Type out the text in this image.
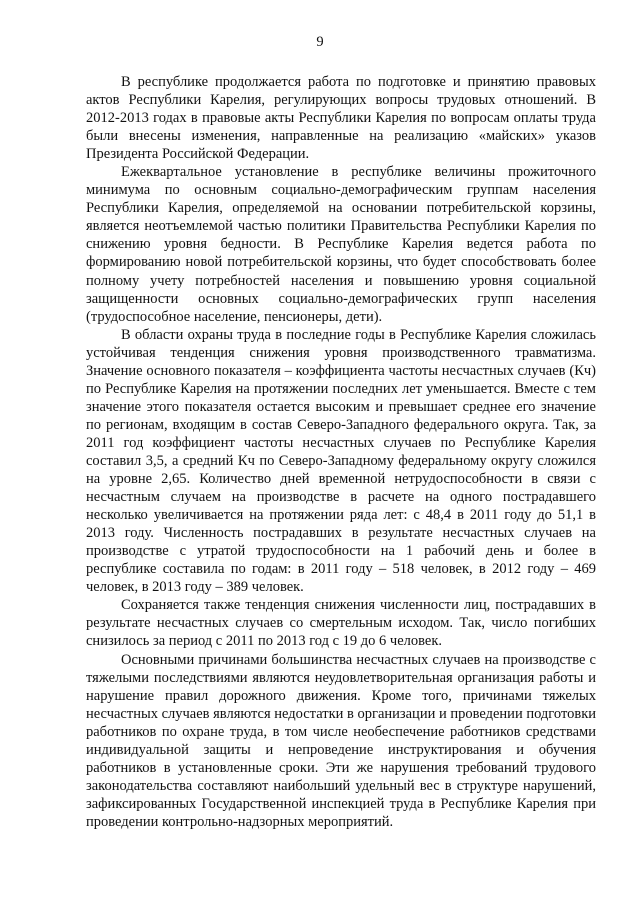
9

В республике продолжается работа по подготовке и принятию правовых актов Республики Карелия, регулирующих вопросы трудовых отношений. В 2012-2013 годах в правовые акты Республики Карелия по вопросам оплаты труда были внесены изменения, направленные на реализацию «майских» указов Президента Российской Федерации.

Ежеквартальное установление в республике величины прожиточного минимума по основным социально-демографическим группам населения Республики Карелия, определяемой на основании потребительской корзины, является неотъемлемой частью политики Правительства Республики Карелия по снижению уровня бедности. В Республике Карелия ведется работа по формированию новой потребительской корзины, что будет способствовать более полному учету потребностей населения и повышению уровня социальной защищенности основных социально-демографических групп населения (трудоспособное население, пенсионеры, дети).

В области охраны труда в последние годы в Республике Карелия сложилась устойчивая тенденция снижения уровня производственного травматизма. Значение основного показателя – коэффициента частоты несчастных случаев (Кч) по Республике Карелия на протяжении последних лет уменьшается. Вместе с тем значение этого показателя остается высоким и превышает среднее его значение по регионам, входящим в состав Северо-Западного федерального округа. Так, за 2011 год коэффициент частоты несчастных случаев по Республике Карелия составил 3,5, а средний Кч по Северо-Западному федеральному округу сложился на уровне 2,65. Количество дней временной нетрудоспособности в связи с несчастным случаем на производстве в расчете на одного пострадавшего несколько увеличивается на протяжении ряда лет: с 48,4 в 2011 году до 51,1 в 2013 году. Численность пострадавших в результате несчастных случаев на производстве с утратой трудоспособности на 1 рабочий день и более в республике составила по годам: в 2011 году – 518 человек, в 2012 году – 469 человек, в 2013 году – 389 человек.

Сохраняется также тенденция снижения численности лиц, пострадавших в результате несчастных случаев со смертельным исходом. Так, число погибших снизилось за период с 2011 по 2013 год с 19 до 6 человек.

Основными причинами большинства несчастных случаев на производстве с тяжелыми последствиями являются неудовлетворительная организация работы и нарушение правил дорожного движения. Кроме того, причинами тяжелых несчастных случаев являются недостатки в организации и проведении подготовки работников по охране труда, в том числе необеспечение работников средствами индивидуальной защиты и непроведение инструктирования и обучения работников в установленные сроки. Эти же нарушения требований трудового законодательства составляют наибольший удельный вес в структуре нарушений, зафиксированных Государственной инспекцией труда в Республике Карелия при проведении контрольно-надзорных мероприятий.
